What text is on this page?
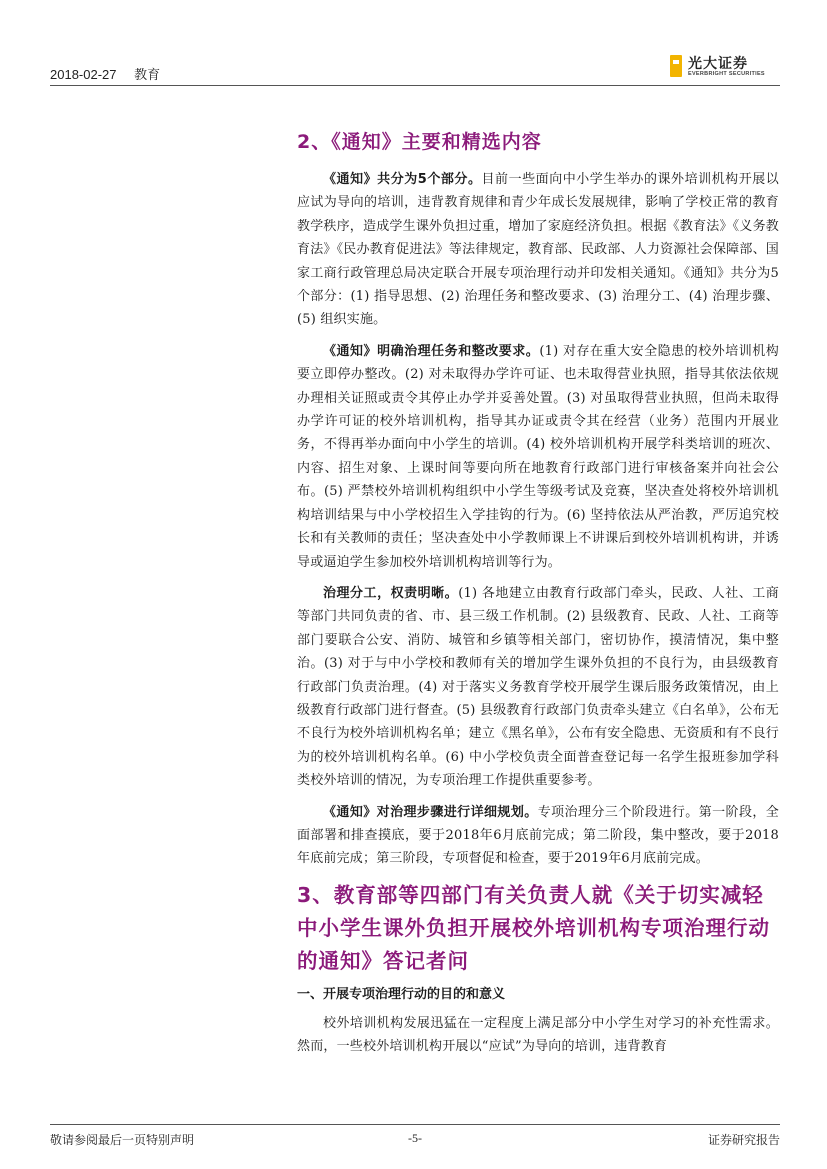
2018-02-27 教育
光大证券
EVERBRIGHT SECURITIES
2、《通知》主要和精选内容

《通知》共分为5个部分。目前一些面向中小学生举办的课外培训机构开展以应试为导向的培训，违背教育规律和青少年成长发展规律，影响了学校正常的教育教学秩序，造成学生课外负担过重，增加了家庭经济负担。根据《教育法》《义务教育法》《民办教育促进法》等法律规定，教育部、民政部、人力资源社会保障部、国家工商行政管理总局决定联合开展专项治理行动并印发相关通知。《通知》共分为5个部分：(1) 指导思想、(2) 治理任务和整改要求、(3) 治理分工、(4) 治理步骤、(5) 组织实施。

《通知》明确治理任务和整改要求。(1) 对存在重大安全隐患的校外培训机构要立即停办整改。(2) 对未取得办学许可证、也未取得营业执照，指导其依法依规办理相关证照或责令其停止办学并妥善处置。(3) 对虽取得营业执照，但尚未取得办学许可证的校外培训机构，指导其办证或责令其在经营（业务）范围内开展业务，不得再举办面向中小学生的培训。(4) 校外培训机构开展学科类培训的班次、内容、招生对象、上课时间等要向所在地教育行政部门进行审核备案并向社会公布。(5) 严禁校外培训机构组织中小学生等级考试及竞赛，坚决查处将校外培训机构培训结果与中小学校招生入学挂钩的行为。(6) 坚持依法从严治教，严厉追究校长和有关教师的责任；坚决查处中小学教师课上不讲课后到校外培训机构讲，并诱导或逼迫学生参加校外培训机构培训等行为。

治理分工，权责明晰。(1) 各地建立由教育行政部门牵头，民政、人社、工商等部门共同负责的省、市、县三级工作机制。(2) 县级教育、民政、人社、工商等部门要联合公安、消防、城管和乡镇等相关部门，密切协作，摸清情况，集中整治。(3) 对于与中小学校和教师有关的增加学生课外负担的不良行为，由县级教育行政部门负责治理。(4) 对于落实义务教育学校开展学生课后服务政策情况，由上级教育行政部门进行督查。(5) 县级教育行政部门负责牵头建立《白名单》，公布无不良行为校外培训机构名单；建立《黑名单》，公布有安全隐患、无资质和有不良行为的校外培训机构名单。(6) 中小学校负责全面普查登记每一名学生报班参加学科类校外培训的情况，为专项治理工作提供重要参考。

《通知》对治理步骤进行详细规划。专项治理分三个阶段进行。第一阶段，全面部署和排查摸底，要于2018年6月底前完成；第二阶段，集中整改，要于2018年底前完成；第三阶段，专项督促和检查，要于2019年6月底前完成。

3、教育部等四部门有关负责人就《关于切实减轻中小学生课外负担开展校外培训机构专项治理行动的通知》答记者问
一、开展专项治理行动的目的和意义

校外培训机构发展迅猛在一定程度上满足部分中小学生对学习的补充性需求。然而，一些校外培训机构开展以“应试”为导向的培训，违背教育

敬请参阅最后一页特别声明	-5-	证券研究报告
